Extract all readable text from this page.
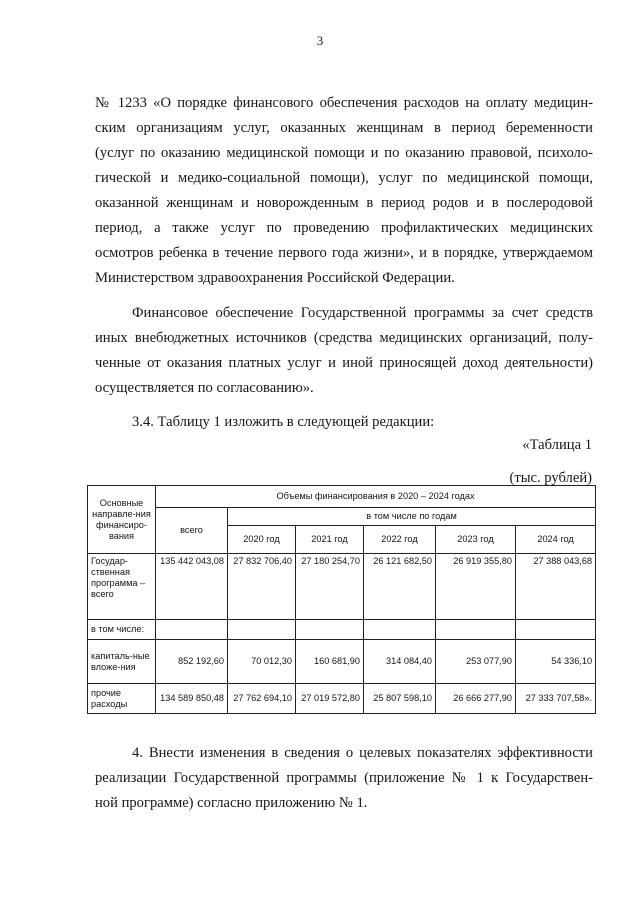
3
№ 1233 «О порядке финансового обеспечения расходов на оплату медицин-
ским организациям услуг, оказанных женщинам в период беременности
(услуг по оказанию медицинской помощи и по оказанию правовой, психоло-
гической и медико-социальной помощи), услуг по медицинской помощи,
оказанной женщинам и новорожденным в период родов и в послеродовой
период, а также услуг по проведению профилактических медицинских
осмотров ребенка в течение первого года жизни», и в порядке, утверждаемом
Министерством здравоохранения Российской Федерации.
Финансовое обеспечение Государственной программы за счет средств
иных внебюджетных источников (средства медицинских организаций, полу-
ченные от оказания платных услуг и иной приносящей доход деятельности)
осуществляется по согласованию».
3.4. Таблицу 1 изложить в следующей редакции:
«Таблица 1
(тыс. рублей)
Основные направле-ния финансиро-вания	Объемы финансирования в 2020 – 2024 годах					
	всего	в том числе по годам				
		2020 год	2021 год	2022 год	2023 год	2024 год
Государ-ственная программа – всего	135 442 043,08	27 832 706,40	27 180 254,70	26 121 682,50	26 919 355,80	27 388 043,68
в том числе:						
капиталь-ные вложе-ния	852 192,60	70 012,30	160 681,90	314 084,40	253 077,90	54 336,10
прочие расходы	134 589 850,48	27 762 694,10	27 019 572,80	25 807 598,10	26 666 277,90	27 333 707,58».
4. Внести изменения в сведения о целевых показателях эффективности
реализации Государственной программы (приложение № 1 к Государствен-
ной программе) согласно приложению № 1.
